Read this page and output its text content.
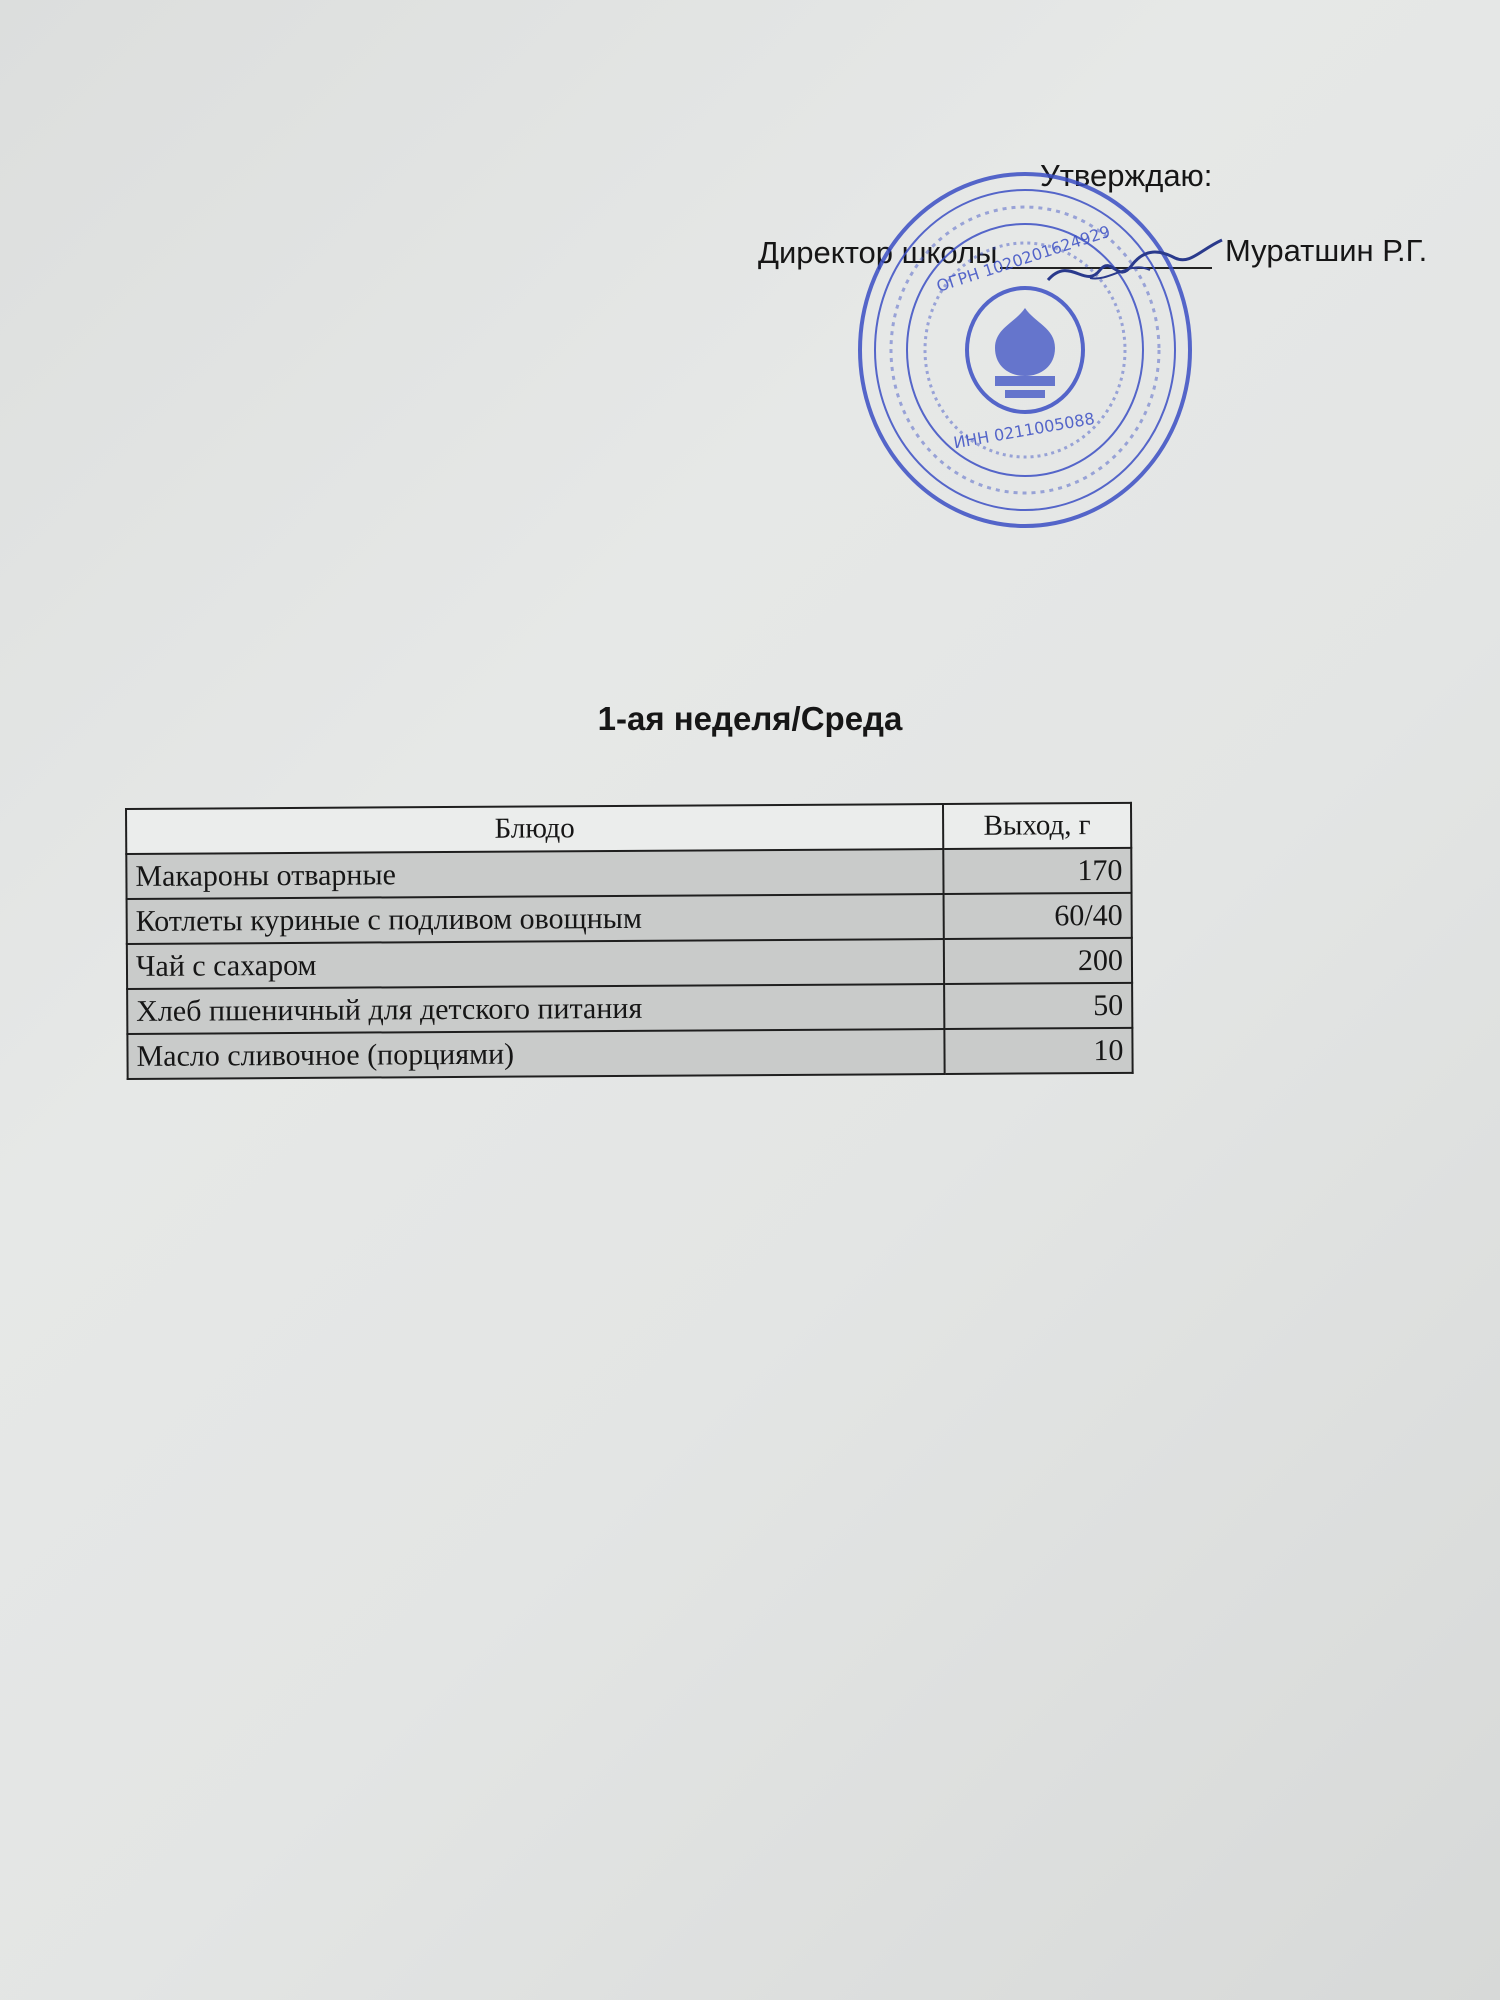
Утверждаю:
Директор школы	Муратшин Р.Г.
ОГРН 1020201624929
ИНН 0211005088
1-ая неделя/Среда
Блюдо	Выход, г
Макароны отварные	170
Котлеты куриные с подливом овощным	60/40
Чай с сахаром	200
Хлеб пшеничный для детского питания	50
Масло сливочное (порциями)	10
